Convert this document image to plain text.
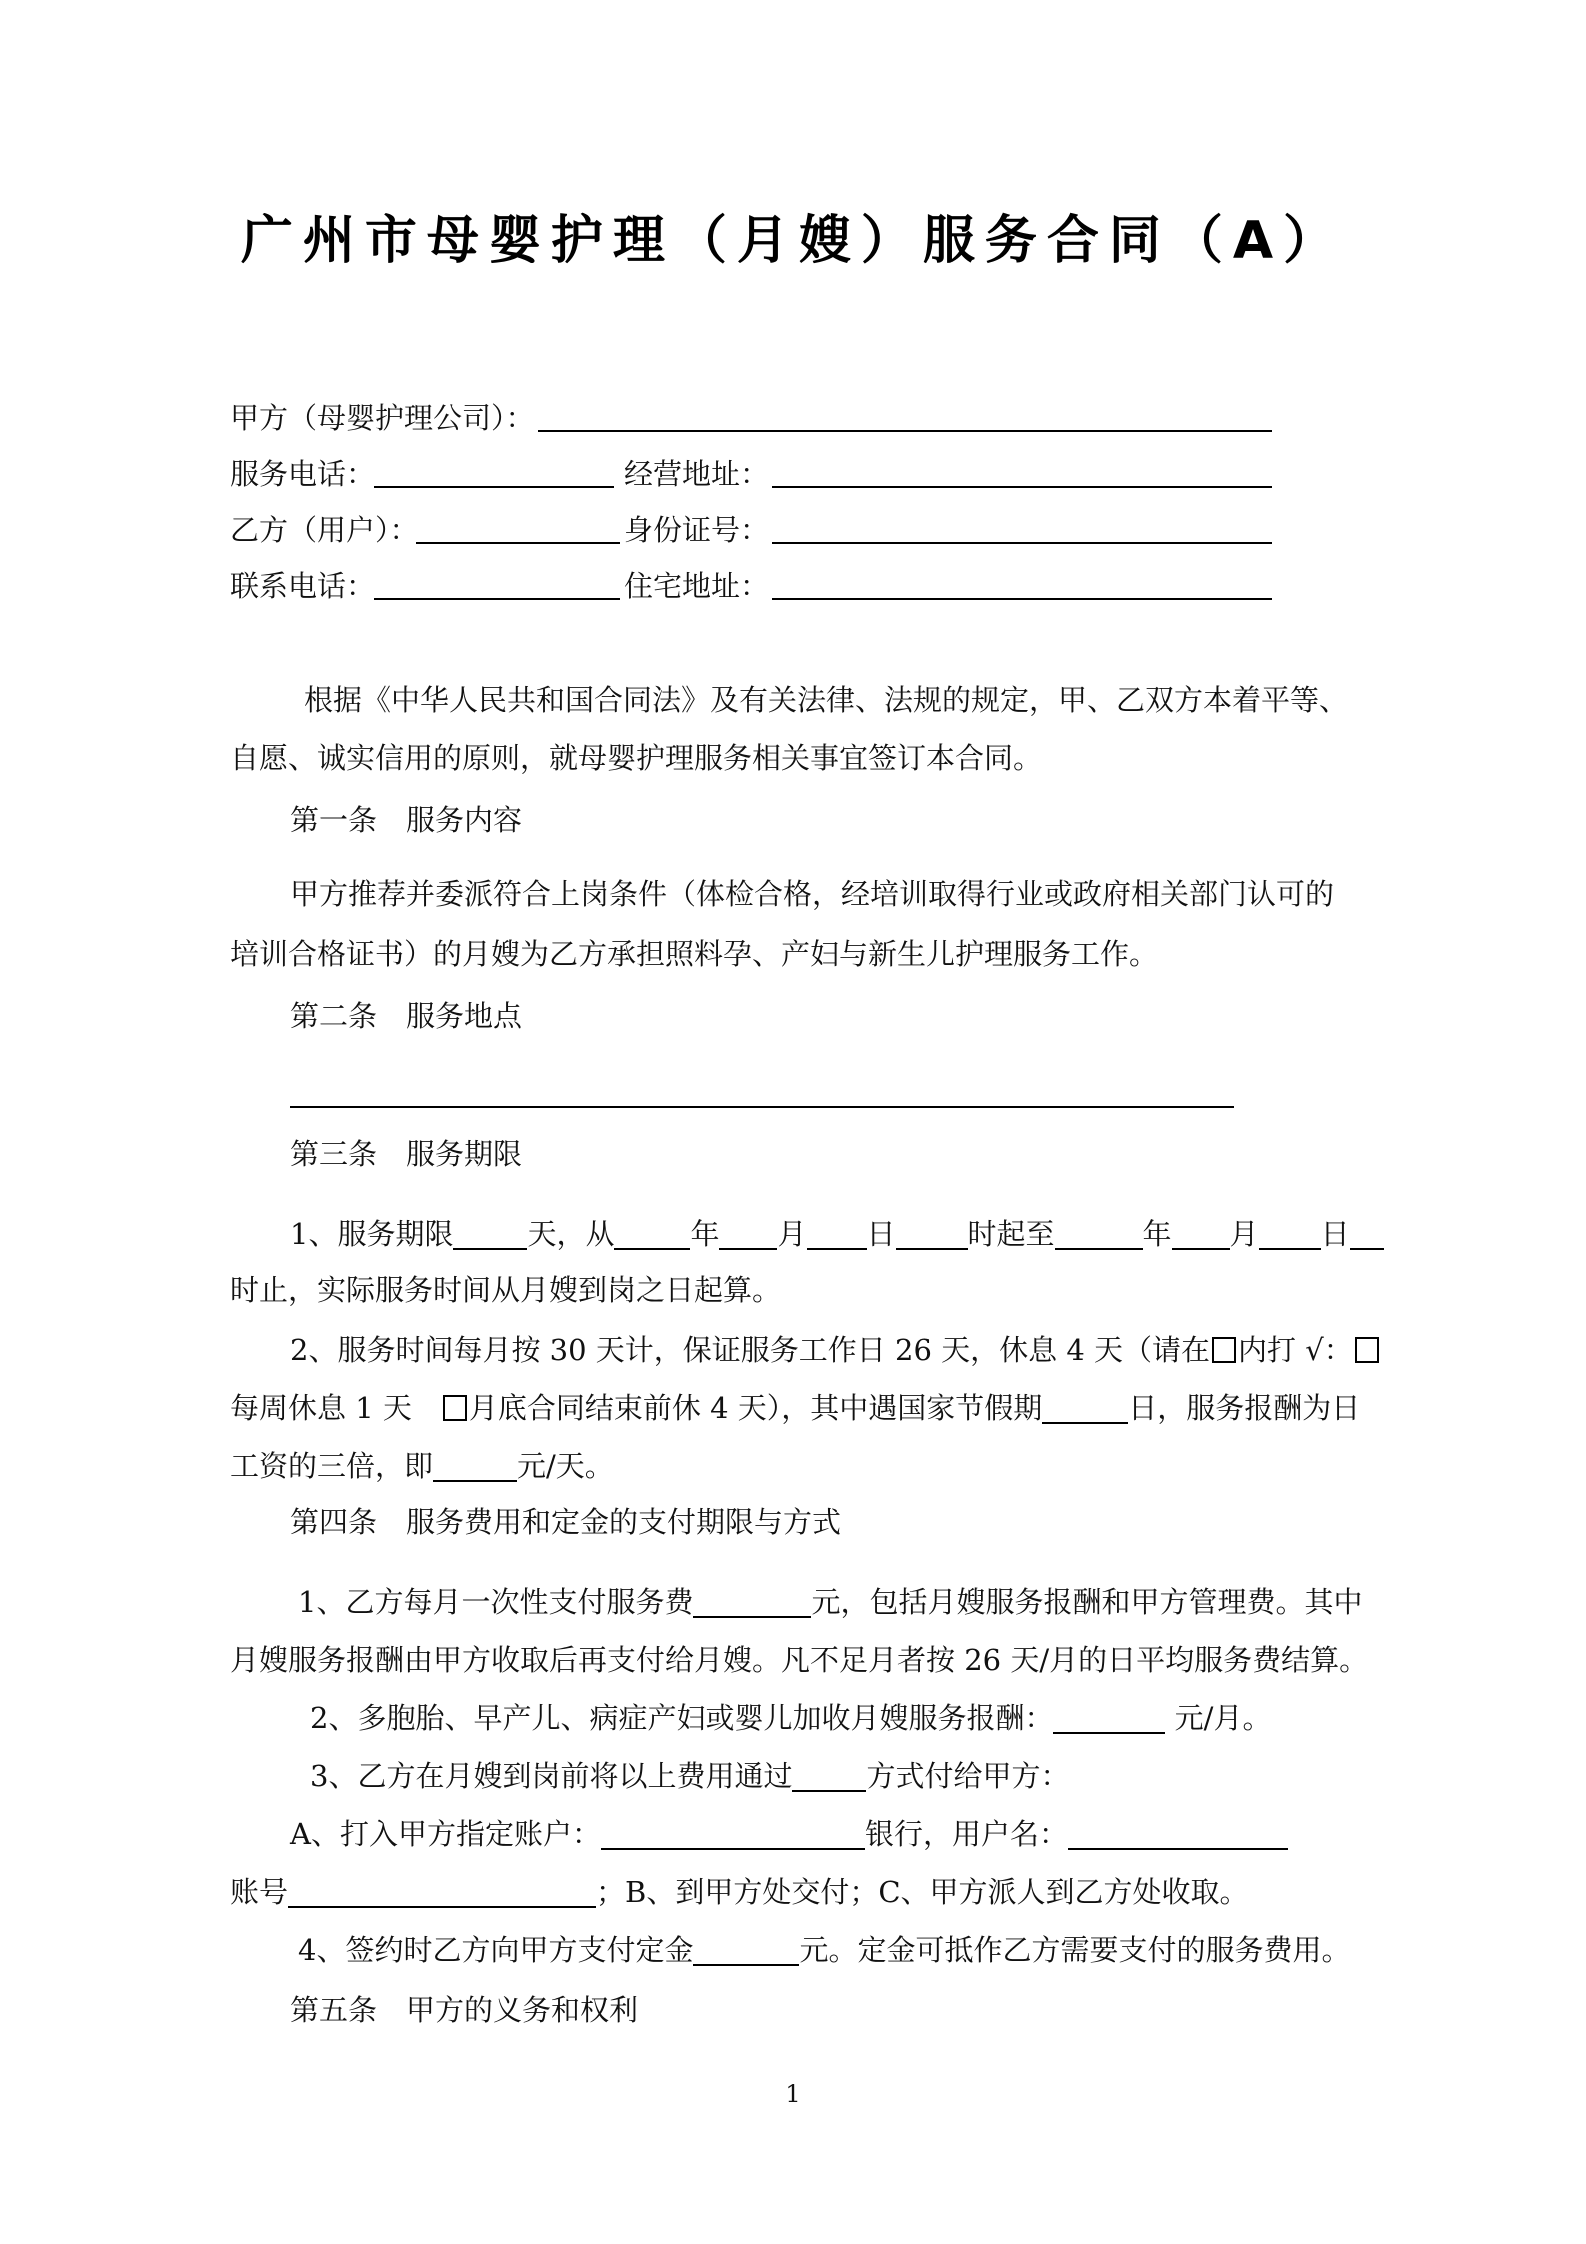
广州市母婴护理（月嫂）服务合同（A）
甲方（母婴护理公司）：
服务电话：	经营地址：
乙方（用户）：	身份证号：
联系电话：	住宅地址：
根据《中华人民共和国合同法》及有关法律、法规的规定，甲、乙双方本着平等、
自愿、诚实信用的原则，就母婴护理服务相关事宜签订本合同。
第一条　服务内容
甲方推荐并委派符合上岗条件（体检合格，经培训取得行业或政府相关部门认可的
培训合格证书）的月嫂为乙方承担照料孕、产妇与新生儿护理服务工作。
第二条　服务地点
第三条　服务期限
1、服务期限	天，从	年 月 日 时起至	年 月 日
时止，实际服务时间从月嫂到岗之日起算。
2、服务时间每月按 30 天计，保证服务工作日 26 天，休息 4 天（请在 内打 √：
每周休息 1 天　月底合同结束前休 4 天），其中遇国家节假期	日，服务报酬为日
工资的三倍，即	元/天。
第四条　服务费用和定金的支付期限与方式
1、乙方每月一次性支付服务费	元，包括月嫂服务报酬和甲方管理费。其中
月嫂服务报酬由甲方收取后再支付给月嫂。凡不足月者按 26 天/月的日平均服务费结算。
2、多胞胎、早产儿、病症产妇或婴儿加收月嫂服务报酬：	元/月。
3、乙方在月嫂到岗前将以上费用通过	方式付给甲方：
A、打入甲方指定账户：	银行，用户名：
账号	；B、到甲方处交付；C、甲方派人到乙方处收取。
4、签约时乙方向甲方支付定金	元。定金可抵作乙方需要支付的服务费用。
第五条　甲方的义务和权利
1
